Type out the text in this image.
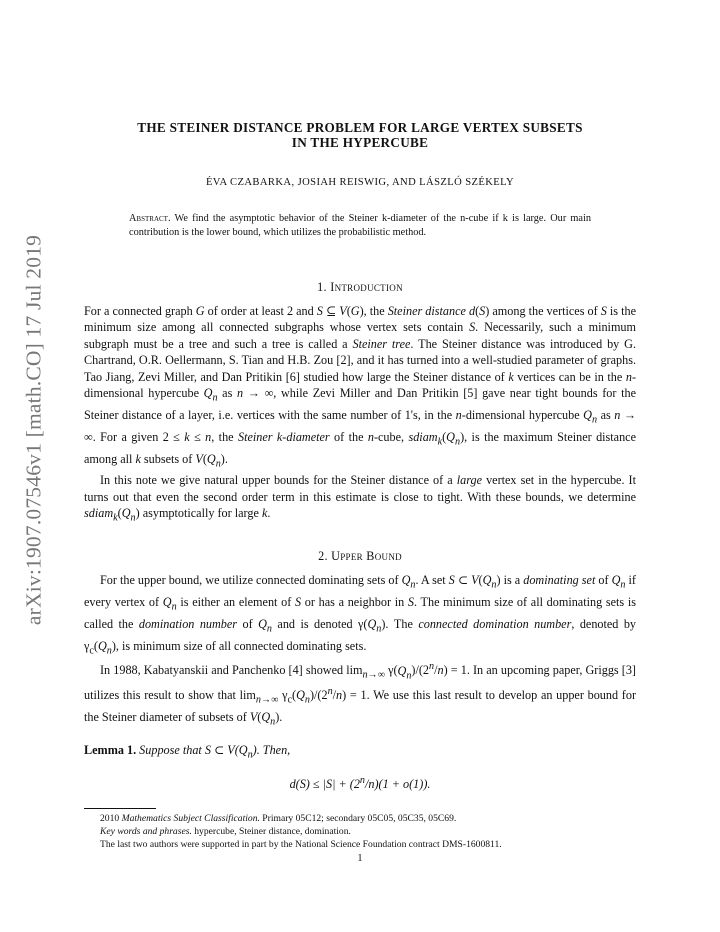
arXiv:1907.07546v1 [math.CO] 17 Jul 2019
THE STEINER DISTANCE PROBLEM FOR LARGE VERTEX SUBSETS
IN THE HYPERCUBE
ÉVA CZABARKA, JOSIAH REISWIG, AND LÁSZLÓ SZÉKELY
Abstract. We find the asymptotic behavior of the Steiner k-diameter of the n-cube if k is large. Our main contribution is the lower bound, which utilizes the probabilistic method.
1. Introduction

For a connected graph G of order at least 2 and S ⊆ V(G), the Steiner distance d(S) among the vertices of S is the minimum size among all connected subgraphs whose vertex sets contain S. Necessarily, such a minimum subgraph must be a tree and such a tree is called a Steiner tree. The Steiner distance was introduced by G. Chartrand, O.R. Oellermann, S. Tian and H.B. Zou [2], and it has turned into a well-studied parameter of graphs. Tao Jiang, Zevi Miller, and Dan Pritikin [6] studied how large the Steiner distance of k vertices can be in the n-dimensional hypercube $Q_n$ as n → ∞, while Zevi Miller and Dan Pritikin [5] gave near tight bounds for the Steiner distance of a layer, i.e. vertices with the same number of 1's, in the n-dimensional hypercube $Q_n$ as n → ∞. For a given 2 ≤ k ≤ n, the Steiner k-diameter of the n-cube, $sdiam_k(Q_n)$, is the maximum Steiner distance among all k subsets of $V(Q_n)$.

In this note we give natural upper bounds for the Steiner distance of a large vertex set in the hypercube. It turns out that even the second order term in this estimate is close to tight. With these bounds, we determine $sdiam_k(Q_n)$ asymptotically for large k.

2. Upper Bound

For the upper bound, we utilize connected dominating sets of $Q_n$. A set S ⊂ $V(Q_n)$ is a dominating set of $Q_n$ if every vertex of $Q_n$ is either an element of S or has a neighbor in S. The minimum size of all dominating sets is called the domination number of $Q_n$ and is denoted $\gamma(Q_n)$. The connected domination number, denoted by $\gamma_c(Q_n)$, is minimum size of all connected dominating sets.

In 1988, Kabatyanskii and Panchenko [4] showed $\lim_{n\to\infty} \gamma(Q_n)/(2^n/n) = 1$. In an upcoming paper, Griggs [3] utilizes this result to show that $\lim_{n\to\infty} \gamma_c(Q_n)/(2^n/n) = 1$. We use this last result to develop an upper bound for the Steiner diameter of subsets of $V(Q_n)$.

Lemma 1. Suppose that S ⊂ $V(Q_n)$. Then,

$d(S) \le |S| + (2^n/n)(1 + o(1))$.
2010 Mathematics Subject Classification. Primary 05C12; secondary 05C05, 05C35, 05C69.
Key words and phrases. hypercube, Steiner distance, domination.
The last two authors were supported in part by the National Science Foundation contract DMS-1600811.
1
